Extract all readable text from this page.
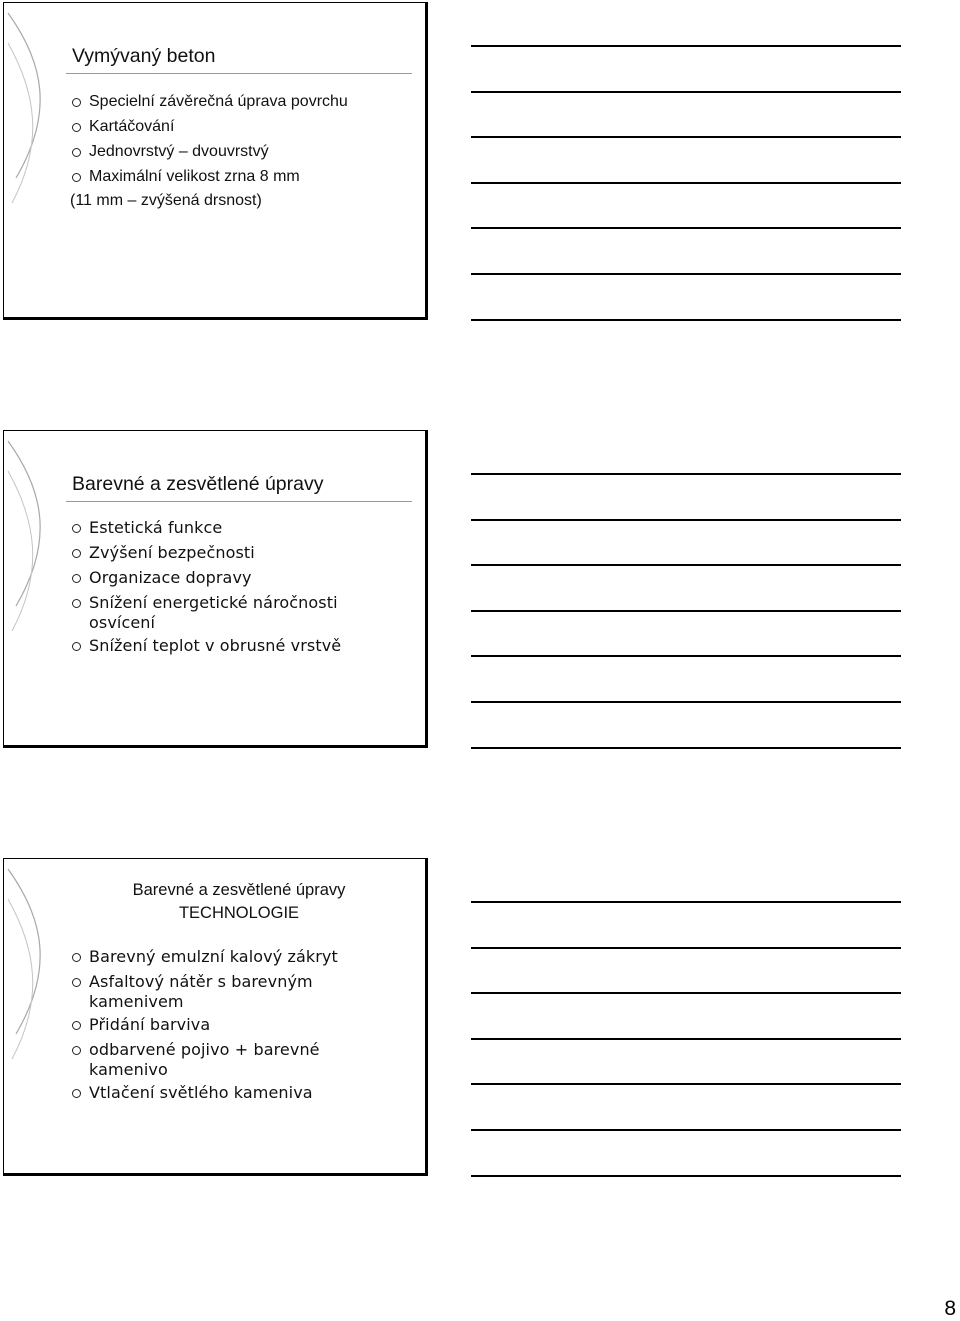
Vymývaný beton
Specielní závěrečná úprava povrchu
Kartáčování
Jednovrstvý – dvouvrstvý
Maximální velikost zrna 8 mm
(11 mm – zvýšená drsnost)
Barevné a zesvětlené úpravy
Estetická funkce
Zvýšení bezpečnosti
Organizace dopravy
Snížení energetické náročnosti
osvícení
Snížení teplot v obrusné vrstvě
Barevné a zesvětlené úpravy
TECHNOLOGIE
Barevný emulzní kalový zákryt
Asfaltový nátěr s barevným
kamenivem
Přidání barviva
odbarvené pojivo + barevné
kamenivo
Vtlačení světlého kameniva
8
